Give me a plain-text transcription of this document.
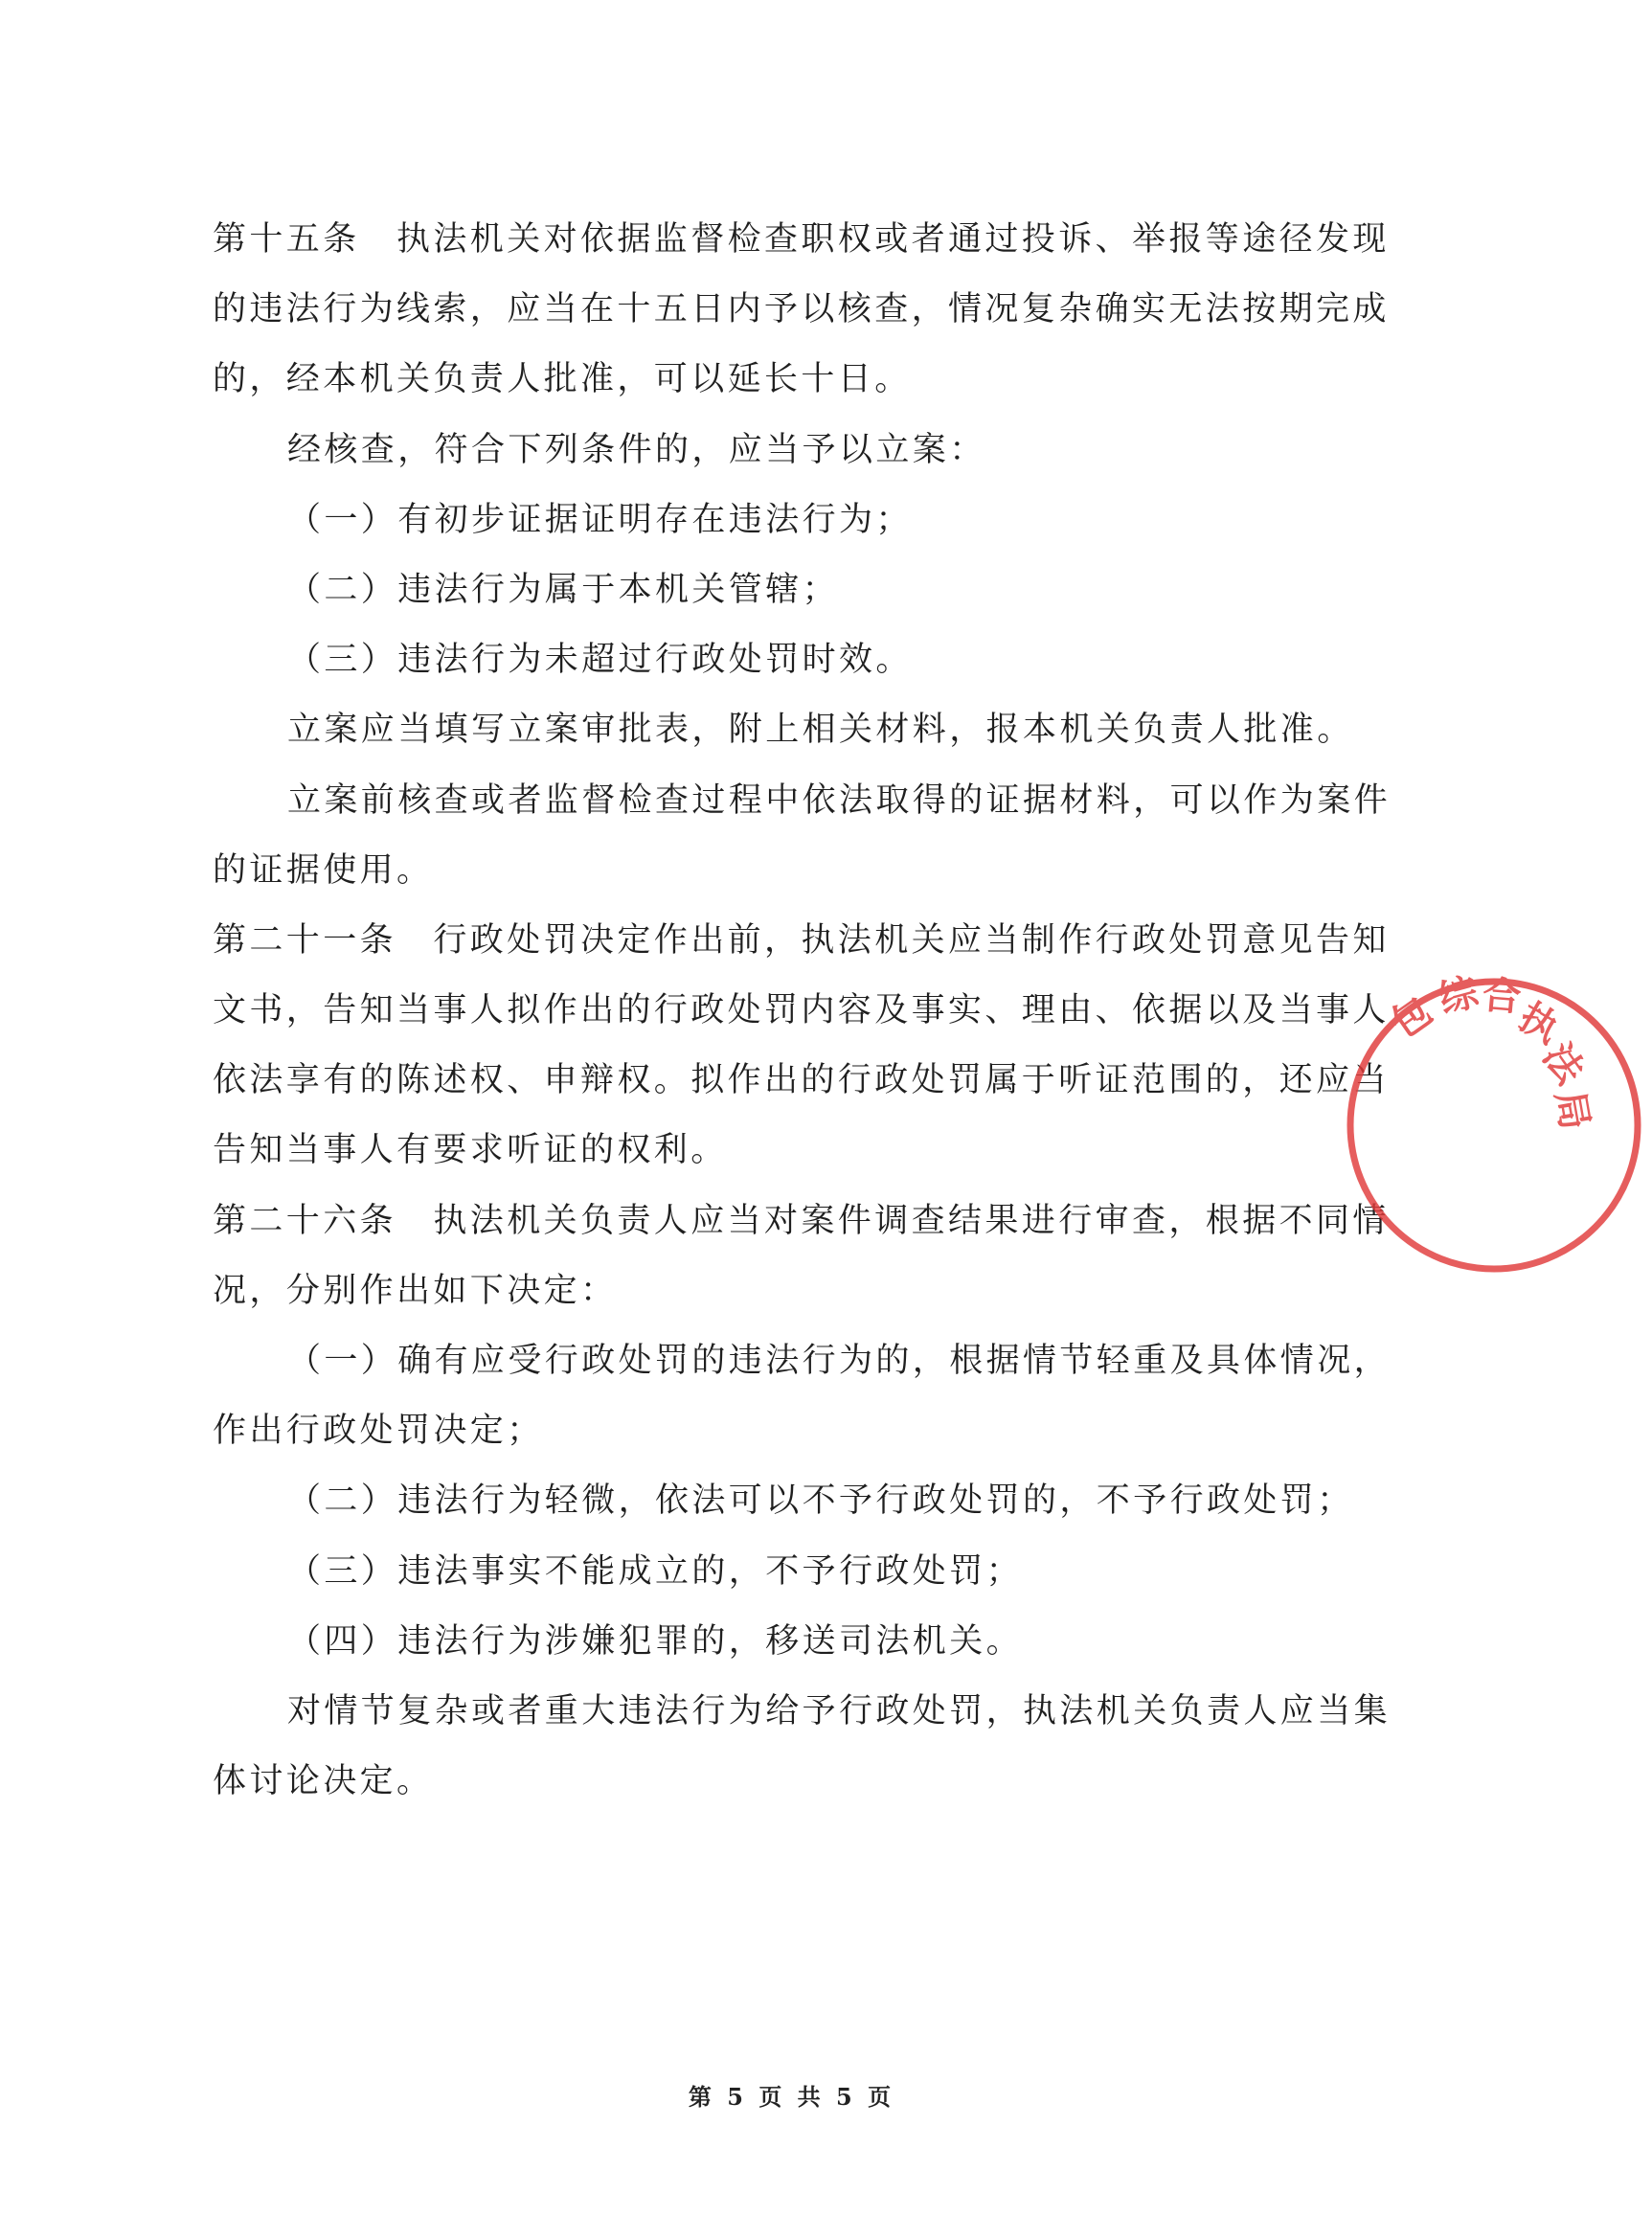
第十五条　执法机关对依据监督检查职权或者通过投诉、举报等途径发现
的违法行为线索，应当在十五日内予以核查，情况复杂确实无法按期完成
的，经本机关负责人批准，可以延长十日。
经核查，符合下列条件的，应当予以立案：
（一）有初步证据证明存在违法行为；
（二）违法行为属于本机关管辖；
（三）违法行为未超过行政处罚时效。
立案应当填写立案审批表，附上相关材料，报本机关负责人批准。
立案前核查或者监督检查过程中依法取得的证据材料，可以作为案件
的证据使用。
第二十一条　行政处罚决定作出前，执法机关应当制作行政处罚意见告知
文书，告知当事人拟作出的行政处罚内容及事实、理由、依据以及当事人
依法享有的陈述权、申辩权。拟作出的行政处罚属于听证范围的，还应当
告知当事人有要求听证的权利。
第二十六条　执法机关负责人应当对案件调查结果进行审查，根据不同情
况，分别作出如下决定：
（一）确有应受行政处罚的违法行为的，根据情节轻重及具体情况，
作出行政处罚决定；
（二）违法行为轻微，依法可以不予行政处罚的，不予行政处罚；
（三）违法事实不能成立的，不予行政处罚；
（四）违法行为涉嫌犯罪的，移送司法机关。
对情节复杂或者重大违法行为给予行政处罚，执法机关负责人应当集
体讨论决定。
包
综
合
执
法
局
第 5 页 共 5 页
